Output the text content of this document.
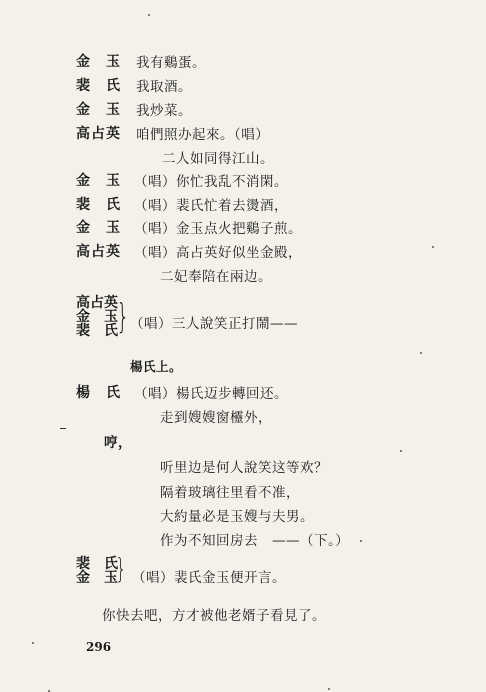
金　玉 我有鷄蛋。
裴　氏 我取酒。
金　玉 我炒菜。
高占英 咱們照办起來。（唱）
二人如同得江山。
金　玉 （唱）你忙我乱不消閑。
裴　氏 （唱）裴氏忙着去燙酒，
金　玉 （唱）金玉点火把鷄子煎。
高占英 （唱）高占英好似坐金殿，
二妃奉陪在兩边。
高占英
金　玉
裴　氏
} （唱）三人說笑正打鬧——
楊氏上。
楊　氏 （唱）楊氏迈步轉回还。
走到嫂嫂窗欞外，
哼，
听里边是何人說笑这等欢？
隔着玻璃往里看不准，
大約量必是玉嫂与夫男。
作为不知回房去　——（下。）
裴　氏
金　玉
} （唱）裴氏金玉便开言。
你快去吧，方才被他老婿子看見了。
296
